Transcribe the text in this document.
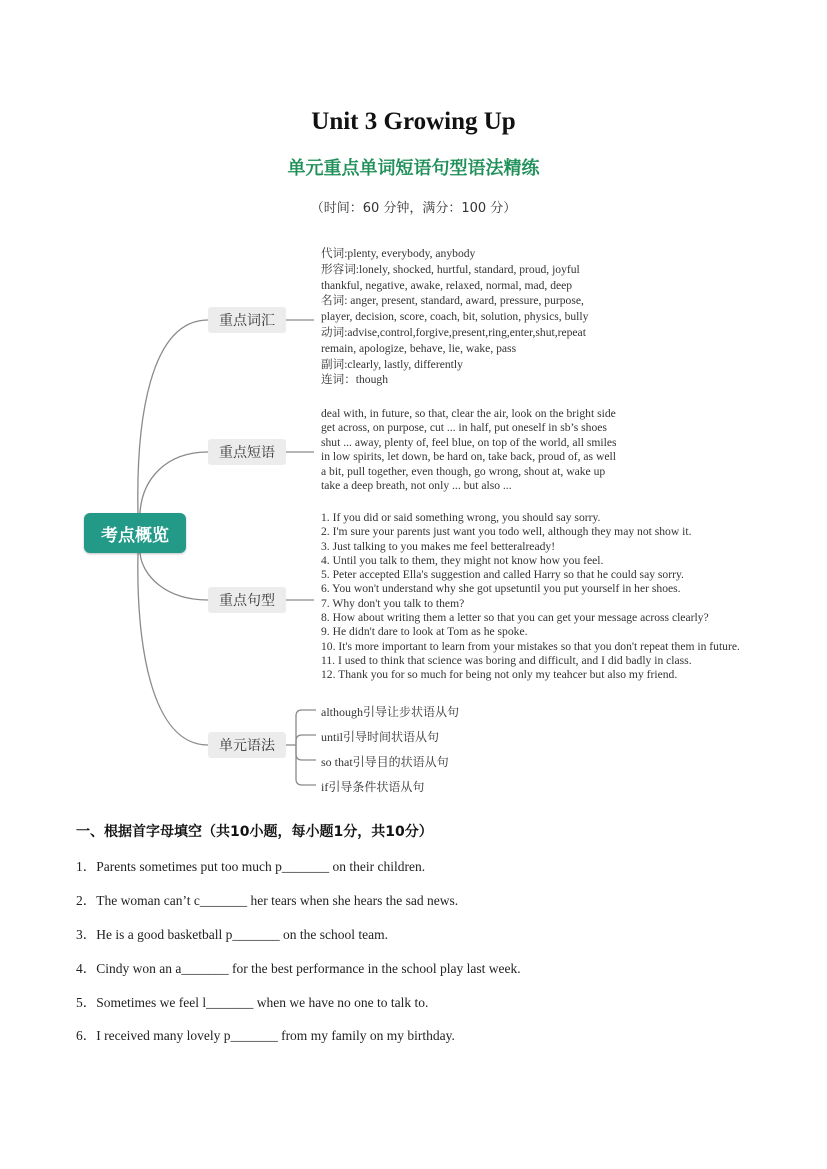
Unit 3 Growing Up
单元重点单词短语句型语法精练
（时间：60 分钟，满分：100 分）
考点概览
重点词汇
重点短语
重点句型
单元语法
代词:plenty, everybody, anybody
形容词:lonely, shocked, hurtful, standard, proud, joyful
thankful, negative, awake, relaxed, normal, mad, deep
名词: anger, present, standard, award, pressure, purpose,
player, decision, score, coach, bit, solution, physics, bully
动词:advise,control,forgive,present,ring,enter,shut,repeat
remain, apologize, behave, lie, wake, pass
副词:clearly, lastly, differently
连词：though
deal with, in future, so that, clear the air, look on the bright side
get across, on purpose, cut ... in half, put oneself in sb’s shoes
shut ... away, plenty of, feel blue, on top of the world, all smiles
in low spirits, let down, be hard on, take back, proud of, as well
a bit, pull together, even though, go wrong, shout at, wake up
take a deep breath, not only ... but also ...
1. If you did or said something wrong, you should say sorry.
2. I'm sure your parents just want you todo well, although they may not show it.
3. Just talking to you makes me feel betteralready!
4. Until you talk to them, they might not know how you feel.
5. Peter accepted Ella's suggestion and called Harry so that he could say sorry.
6. You won't understand why she got upsetuntil you put yourself in her shoes.
7. Why don't you talk to them?
8. How about writing them a letter so that you can get your message across clearly?
9. He didn't dare to look at Tom as he spoke.
10. It's more important to learn from your mistakes so that you don't repeat them in future.
11. I used to think that science was boring and difficult, and I did badly in class.
12. Thank you for so much for being not only my teahcer but also my friend.
although引导让步状语从句
until引导时间状语从句
so that引导目的状语从句
if引导条件状语从句
一、根据首字母填空（共10小题，每小题1分，共10分）
1．Parents sometimes put too much p_______ on their children.
2．The woman can’t c_______ her tears when she hears the sad news.
3．He is a good basketball p_______ on the school team.
4．Cindy won an a_______ for the best performance in the school play last week.
5．Sometimes we feel l_______ when we have no one to talk to.
6．I received many lovely p_______ from my family on my birthday.
